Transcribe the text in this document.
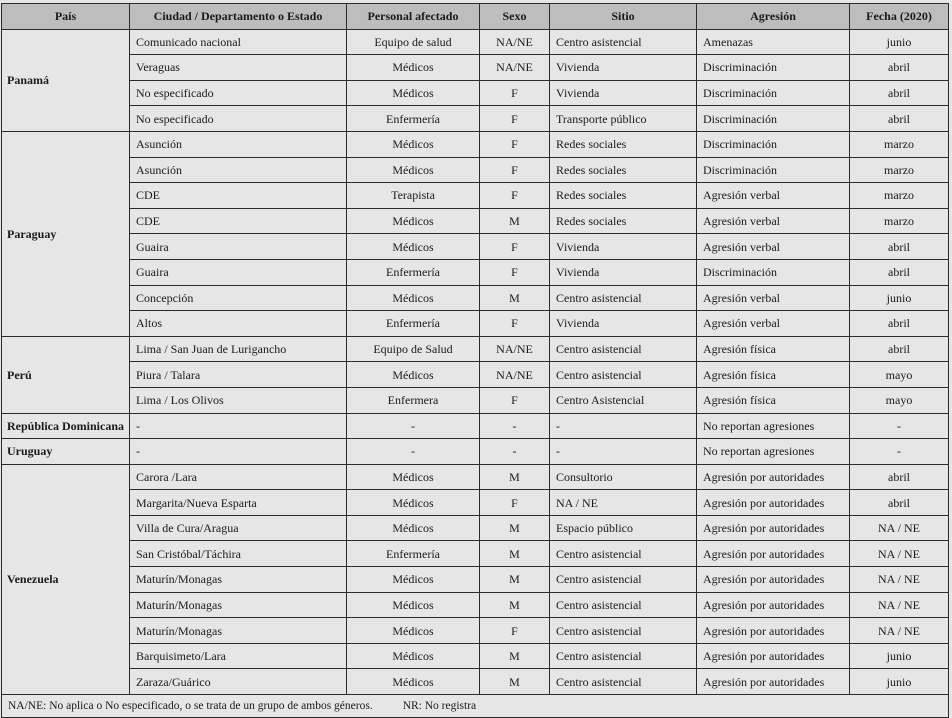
País	Ciudad / Departamento o Estado	Personal afectado	Sexo	Sitio	Agresión	Fecha (2020)
Panamá	Comunicado nacional	Equipo de salud	NA/NE	Centro asistencial	Amenazas	junio
	Veraguas	Médicos	NA/NE	Vivienda	Discriminación	abril
	No especificado	Médicos	F	Vivienda	Discriminación	abril
	No especificado	Enfermería	F	Transporte público	Discriminación	abril
Paraguay	Asunción	Médicos	F	Redes sociales	Discriminación	marzo
	Asunción	Médicos	F	Redes sociales	Discriminación	marzo
	CDE	Terapista	F	Redes sociales	Agresión verbal	marzo
	CDE	Médicos	M	Redes sociales	Agresión verbal	marzo
	Guaira	Médicos	F	Vivienda	Agresión verbal	abril
	Guaira	Enfermería	F	Vivienda	Discriminación	abril
	Concepción	Médicos	M	Centro asistencial	Agresión verbal	junio
	Altos	Enfermería	F	Vivienda	Agresión verbal	abril
Perú	Lima / San Juan de Lurigancho	Equipo de Salud	NA/NE	Centro asistencial	Agresión física	abril
	Piura / Talara	Médicos	NA/NE	Centro asistencial	Agresión física	mayo
	Lima / Los Olivos	Enfermera	F	Centro Asistencial	Agresión física	mayo
República Dominicana	-	-	-	-	No reportan agresiones	-
Uruguay	-	-	-	-	No reportan agresiones	-
Venezuela	Carora /Lara	Médicos	M	Consultorio	Agresión por autoridades	abril
	Margarita/Nueva Esparta	Médicos	F	NA / NE	Agresión por autoridades	abril
	Villa de Cura/Aragua	Médicos	M	Espacio público	Agresión por autoridades	NA / NE
	San Cristóbal/Táchira	Enfermería	M	Centro asistencial	Agresión por autoridades	NA / NE
	Maturín/Monagas	Médicos	M	Centro asistencial	Agresión por autoridades	NA / NE
	Maturín/Monagas	Médicos	M	Centro asistencial	Agresión por autoridades	NA / NE
	Maturín/Monagas	Médicos	F	Centro asistencial	Agresión por autoridades	NA / NE
	Barquisimeto/Lara	Médicos	M	Centro asistencial	Agresión por autoridades	junio
	Zaraza/Guárico	Médicos	M	Centro asistencial	Agresión por autoridades	junio
NA/NE: No aplica o No especificado, o se trata de un grupo de ambos géneros. NR: No registra						
